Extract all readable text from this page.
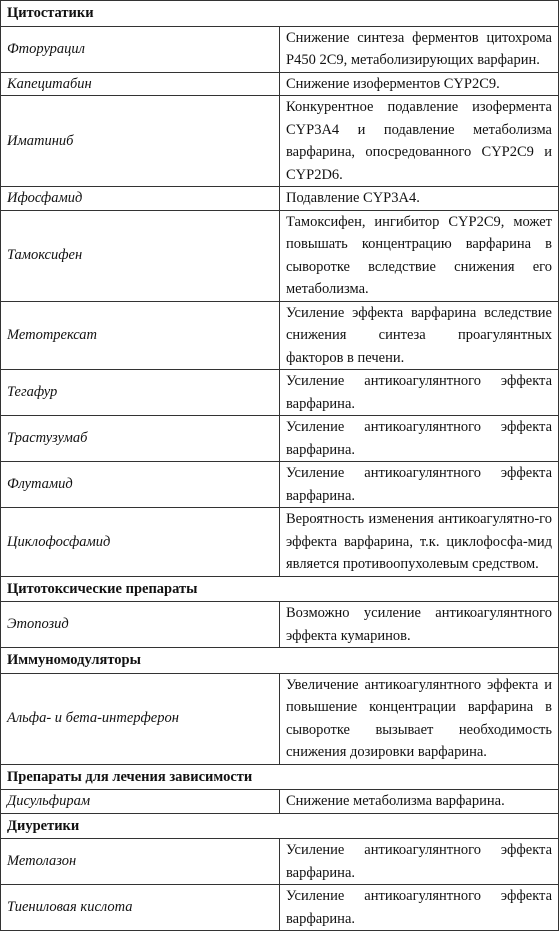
Цитостатики	
Фторурацил	Снижение синтеза ферментов цитохрома P450 2C9, метаболизирующих варфарин.
Капецитабин	Снижение изоферментов CYP2C9.
Иматиниб	Конкурентное подавление изофермента CYP3A4 и подавление метаболизма варфарина, опосредованного CYP2C9 и CYP2D6.
Ифосфамид	Подавление CYP3A4.
Тамоксифен	Тамоксифен, ингибитор CYP2C9, может повышать концентрацию варфарина в сыворотке вследствие снижения его метаболизма.
Метотрексат	Усиление эффекта варфарина вследствие снижения синтеза проагулянтных факторов в печени.
Тегафур	Усиление антикоагулянтного эффекта варфарина.
Трастузумаб	Усиление антикоагулянтного эффекта варфарина.
Флутамид	Усиление антикоагулянтного эффекта варфарина.
Циклофосфамид	Вероятность изменения антикоагулятно-го эффекта варфарина, т.к. циклофосфа-мид является противоопухолевым средством.
Цитотоксические препараты	
Этопозид	Возможно усиление антикоагулянтного эффекта кумаринов.
Иммуномодуляторы	
Альфа- и бета-интерферон	Увеличение антикоагулянтного эффекта и повышение концентрации варфарина в сыворотке вызывает необходимость снижения дозировки варфарина.
Препараты для лечения зависимости	
Дисульфирам	Снижение метаболизма варфарина.
Диуретики	
Метолазон	Усиление антикоагулянтного эффекта варфарина.
Тиениловая кислота	Усиление антикоагулянтного эффекта варфарина.
